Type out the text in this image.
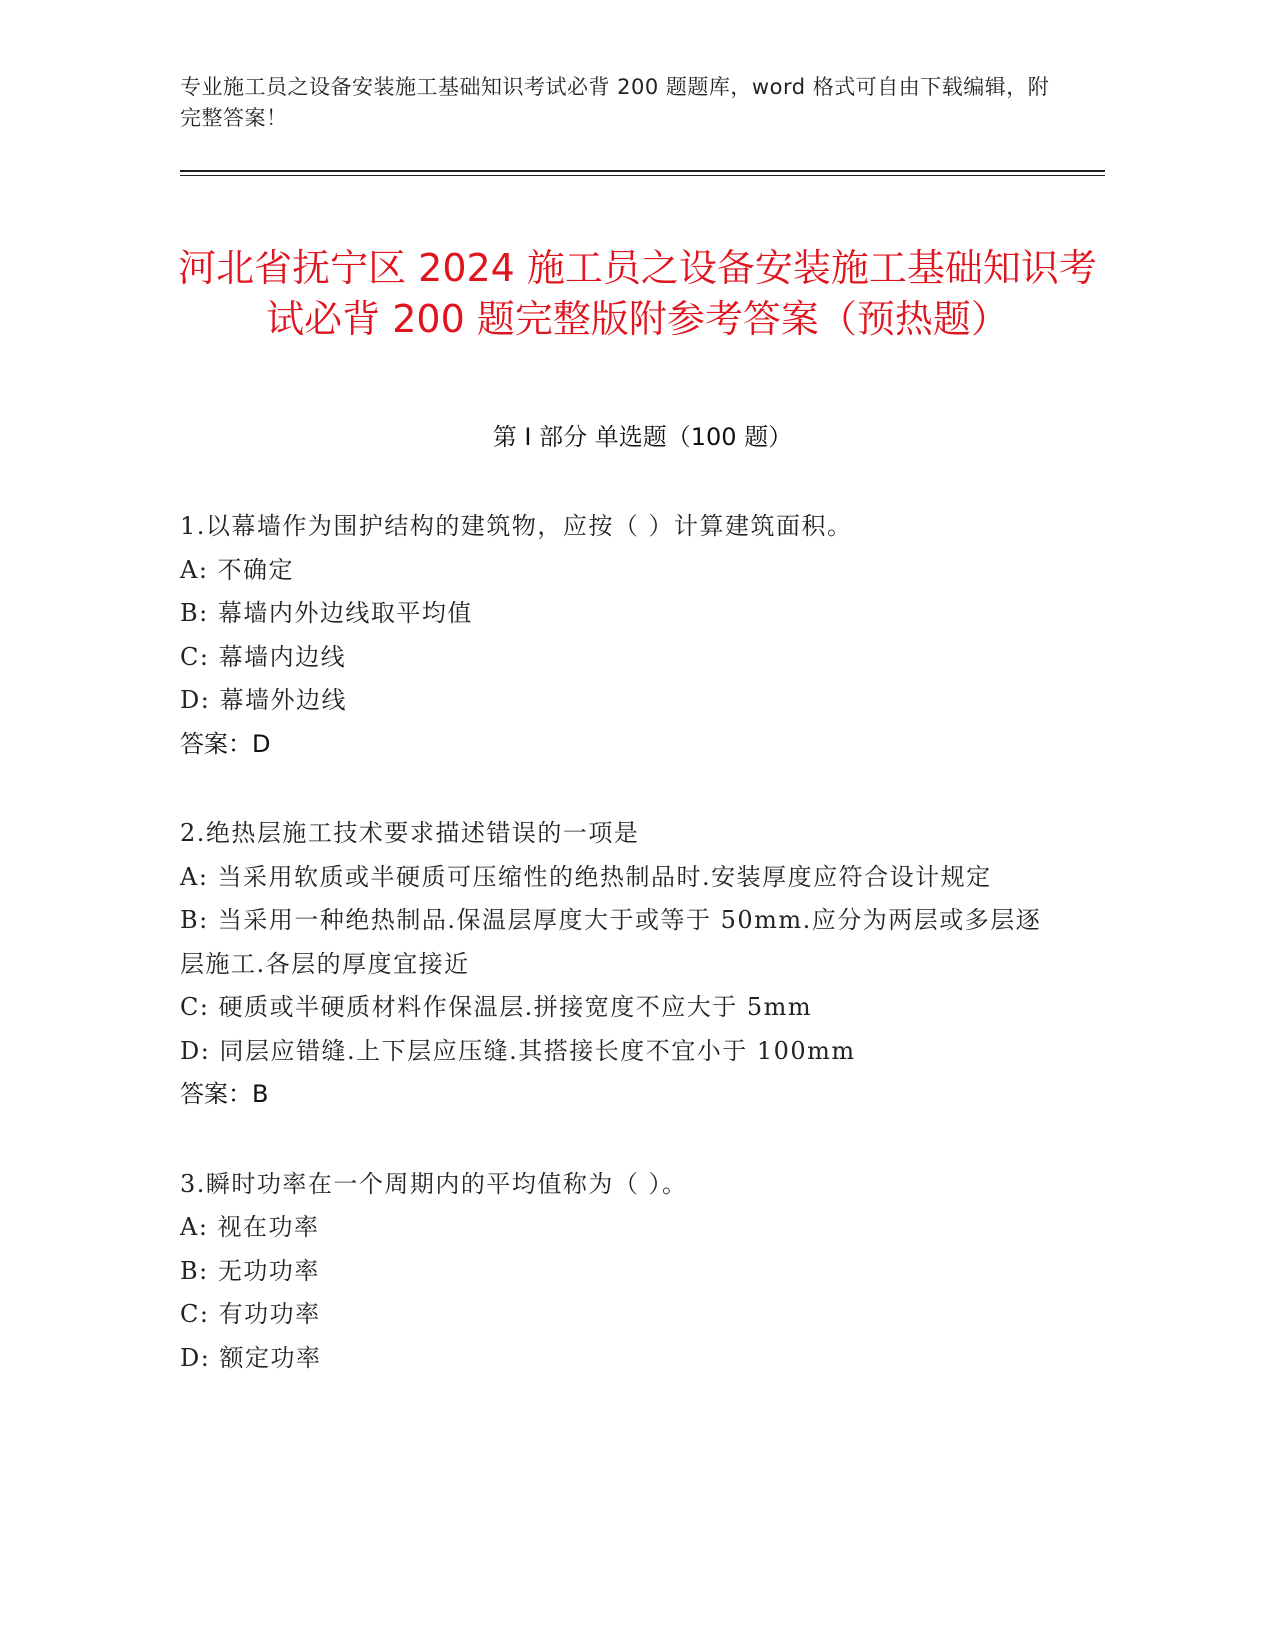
专业施工员之设备安装施工基础知识考试必背 200 题题库，word 格式可自由下载编辑，附完整答案！
河北省抚宁区 2024 施工员之设备安装施工基础知识考试必背 200 题完整版附参考答案（预热题）
第 I 部分 单选题（100 题）
1.以幕墙作为围护结构的建筑物，应按（ ）计算建筑面积。
A: 不确定
B: 幕墙内外边线取平均值
C: 幕墙内边线
D: 幕墙外边线
答案：D
2.绝热层施工技术要求描述错误的一项是
A: 当采用软质或半硬质可压缩性的绝热制品时.安装厚度应符合设计规定
B: 当采用一种绝热制品.保温层厚度大于或等于 50mm.应分为两层或多层逐层施工.各层的厚度宜接近
C: 硬质或半硬质材料作保温层.拼接宽度不应大于 5mm
D: 同层应错缝.上下层应压缝.其搭接长度不宜小于 100mm
答案：B
3.瞬时功率在一个周期内的平均值称为（ ）。
A: 视在功率
B: 无功功率
C: 有功功率
D: 额定功率
